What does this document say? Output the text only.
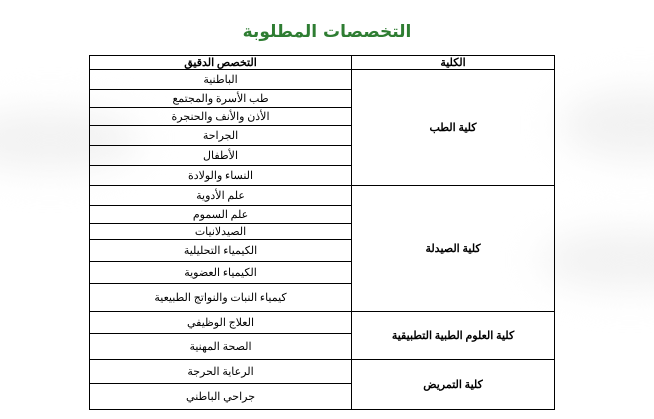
التخصصات المطلوبة
الكلية	التخصص الدقيق
كلية الطب	الباطنية
	طب الأسرة والمجتمع
	الأذن والأنف والحنجرة
	الجراحة
	الأطفال
	النساء والولادة
كلية الصيدلة	علم الأدوية
	علم السموم
	الصيدلانيات
	الكيمياء التحليلية
	الكيمياء العضوية
	كيمياء النبات والنواتج الطبيعية
كلية العلوم الطبية التطبيقية	العلاج الوظيفي
	الصحة المهنية
كلية التمريض	الرعاية الحرجة
	جراحي الباطني
